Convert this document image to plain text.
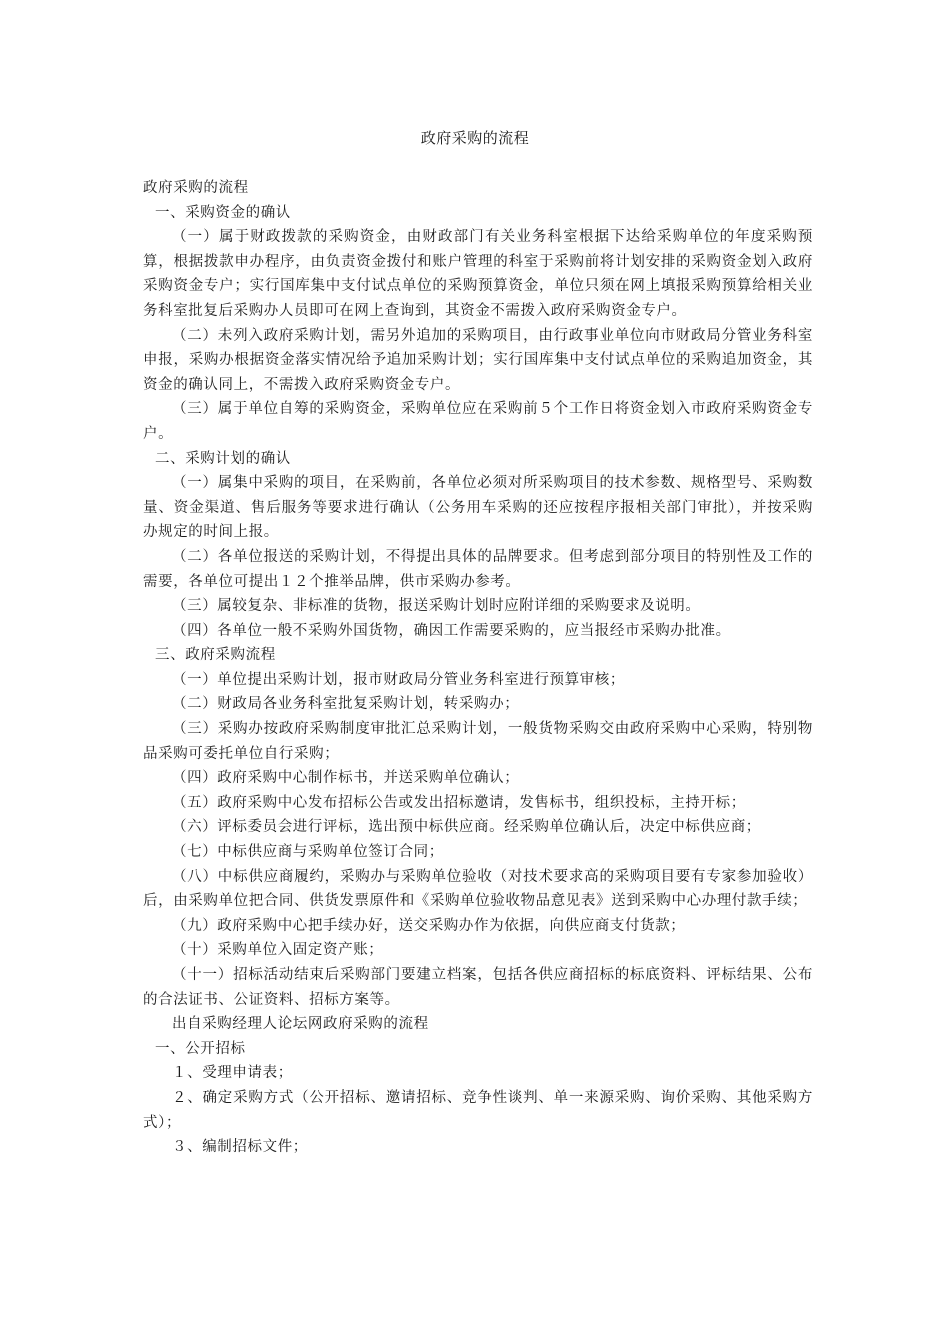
政府采购的流程

政府采购的流程

一、采购资金的确认

（一）属于财政拨款的采购资金，由财政部门有关业务科室根据下达给采购单位的年度采购预算，根据拨款申办程序，由负责资金拨付和账户管理的科室于采购前将计划安排的采购资金划入政府采购资金专户；实行国库集中支付试点单位的采购预算资金，单位只须在网上填报采购预算给相关业务科室批复后采购办人员即可在网上查询到，其资金不需拨入政府采购资金专户。

（二）未列入政府采购计划，需另外追加的采购项目，由行政事业单位向市财政局分管业务科室申报，采购办根据资金落实情况给予追加采购计划；实行国库集中支付试点单位的采购追加资金，其资金的确认同上，不需拨入政府采购资金专户。

（三）属于单位自筹的采购资金，采购单位应在采购前５个工作日将资金划入市政府采购资金专户。

二、采购计划的确认

（一）属集中采购的项目，在采购前，各单位必须对所采购项目的技术参数、规格型号、采购数量、资金渠道、售后服务等要求进行确认（公务用车采购的还应按程序报相关部门审批），并按采购办规定的时间上报。

（二）各单位报送的采购计划，不得提出具体的品牌要求。但考虑到部分项目的特别性及工作的需要，各单位可提出１２个推举品牌，供市采购办参考。

（三）属较复杂、非标准的货物，报送采购计划时应附详细的采购要求及说明。

（四）各单位一般不采购外国货物，确因工作需要采购的，应当报经市采购办批准。

三、政府采购流程

（一）单位提出采购计划，报市财政局分管业务科室进行预算审核；

（二）财政局各业务科室批复采购计划，转采购办；

（三）采购办按政府采购制度审批汇总采购计划，一般货物采购交由政府采购中心采购，特别物品采购可委托单位自行采购；

（四）政府采购中心制作标书，并送采购单位确认；

（五）政府采购中心发布招标公告或发出招标邀请，发售标书，组织投标，主持开标；

（六）评标委员会进行评标，选出预中标供应商。经采购单位确认后，决定中标供应商；

（七）中标供应商与采购单位签订合同；

（八）中标供应商履约，采购办与采购单位验收（对技术要求高的采购项目要有专家参加验收）后，由采购单位把合同、供货发票原件和《采购单位验收物品意见表》送到采购中心办理付款手续；

（九）政府采购中心把手续办好，送交采购办作为依据，向供应商支付货款；

（十）采购单位入固定资产账；

（十一）招标活动结束后采购部门要建立档案，包括各供应商招标的标底资料、评标结果、公布的合法证书、公证资料、招标方案等。

出自采购经理人论坛网政府采购的流程

一、公开招标

１、受理申请表；

２、确定采购方式（公开招标、邀请招标、竞争性谈判、单一来源采购、询价采购、其他采购方式）；

３、编制招标文件；
